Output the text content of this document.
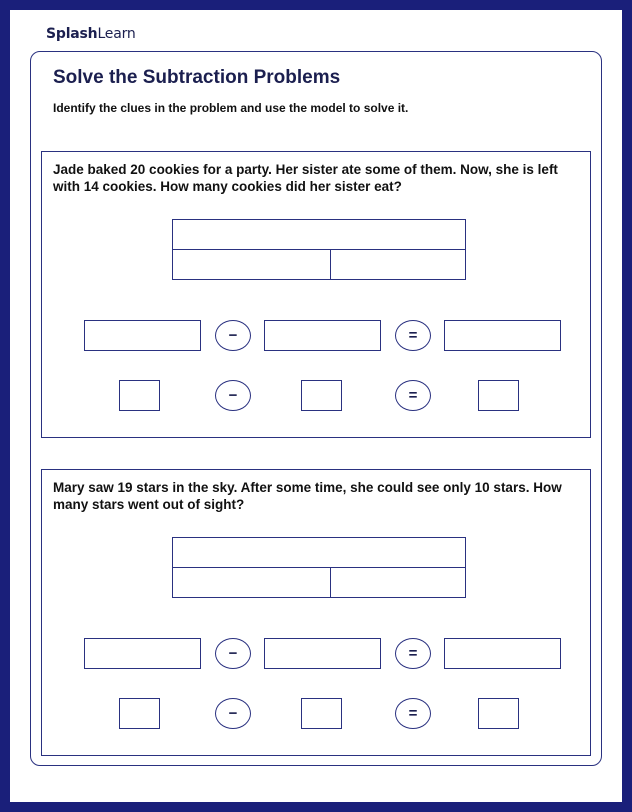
SplashLearn
Solve the Subtraction Problems

Identify the clues in the problem and use the model to solve it.

Jade baked 20 cookies for a party. Her sister ate some of them. Now, she is left with 14 cookies. How many cookies did her sister eat?

−	=
−	=

Mary saw 19 stars in the sky. After some time, she could see only 10 stars. How many stars went out of sight?

−	=
−	=
